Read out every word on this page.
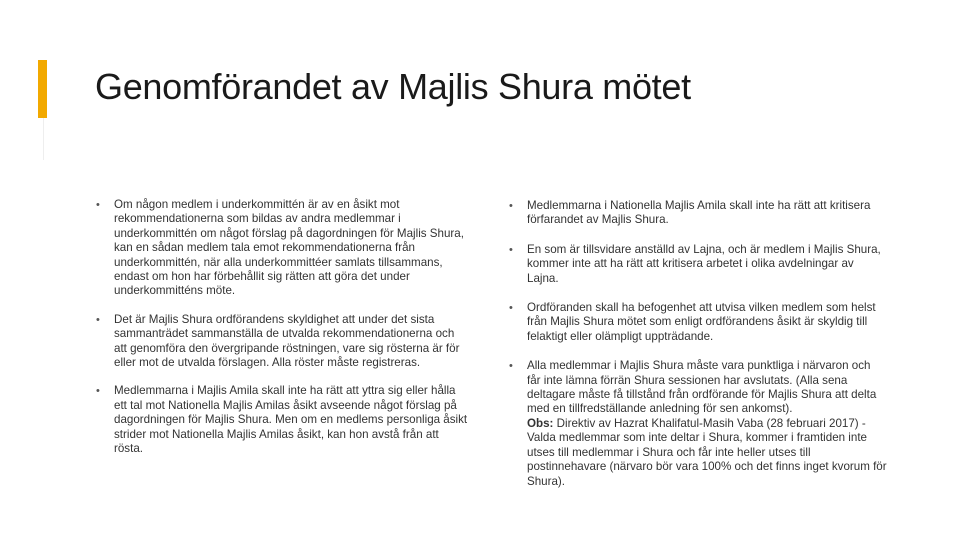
Genomförandet av Majlis Shura mötet
• Om någon medlem i underkommittén är av en åsikt mot rekommendationerna som bildas av andra medlemmar i underkommittén om något förslag på dagordningen för Majlis Shura, kan en sådan medlem tala emot rekommendationerna från underkommittén, när alla underkommittéer samlats tillsammans, endast om hon har förbehållit sig rätten att göra det under underkommitténs möte.
• Det är Majlis Shura ordförandens skyldighet att under det sista sammanträdet sammanställa de utvalda rekommendationerna och att genomföra den övergripande röstningen, vare sig rösterna är för eller mot de utvalda förslagen. Alla röster måste registreras.
• Medlemmarna i Majlis Amila skall inte ha rätt att yttra sig eller hålla ett tal mot Nationella Majlis Amilas åsikt avseende något förslag på dagordningen för Majlis Shura. Men om en medlems personliga åsikt strider mot Nationella Majlis Amilas åsikt, kan hon avstå från att rösta.
• Medlemmarna i Nationella Majlis Amila skall inte ha rätt att kritisera förfarandet av Majlis Shura.
• En som är tillsvidare anställd av Lajna, och är medlem i Majlis Shura, kommer inte att ha rätt att kritisera arbetet i olika avdelningar av Lajna.
• Ordföranden skall ha befogenhet att utvisa vilken medlem som helst från Majlis Shura mötet som enligt ordförandens åsikt är skyldig till felaktigt eller olämpligt uppträdande.
• Alla medlemmar i Majlis Shura måste vara punktliga i närvaron och får inte lämna förrän Shura sessionen har avslutats. (Alla sena deltagare måste få tillstånd från ordförande för Majlis Shura att delta med en tillfredställande anledning för sen ankomst).
Obs: Direktiv av Hazrat Khalifatul-Masih Vaba (28 februari 2017) - Valda medlemmar som inte deltar i Shura, kommer i framtiden inte utses till medlemmar i Shura och får inte heller utses till postinnehavare (närvaro bör vara 100% och det finns inget kvorum för Shura).
